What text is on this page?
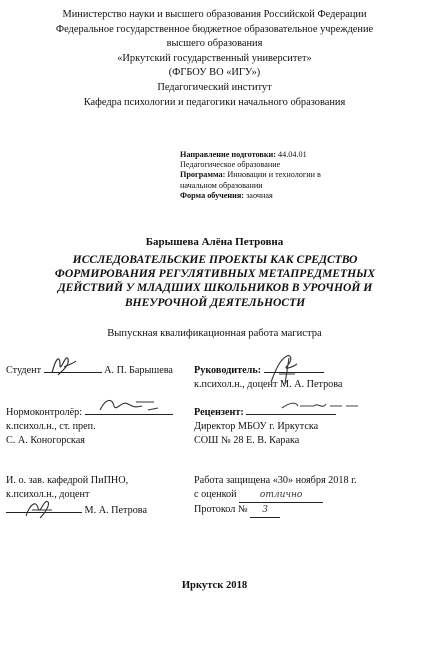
Министерство науки и высшего образования Российской Федерации
Федеральное государственное бюджетное образовательное учреждение
высшего образования
«Иркутский государственный университет»
(ФГБОУ ВО «ИГУ»)
Педагогический институт
Кафедра психологии и педагогики начального образования
Направление подготовки: 44.04.01
Педагогическое образование
Программа: Инновации и технологии в
начальном образовании
Форма обучения: заочная
Барышева Алёна Петровна
ИССЛЕДОВАТЕЛЬСКИЕ ПРОЕКТЫ КАК СРЕДСТВО ФОРМИРОВАНИЯ РЕГУЛЯТИВНЫХ МЕТАПРЕДМЕТНЫХ ДЕЙСТВИЙ У МЛАДШИХ ШКОЛЬНИКОВ В УРОЧНОЙ И ВНЕУРОЧНОЙ ДЕЯТЕЛЬНОСТИ
Выпускная квалификационная работа магистра
Студент	А. П. Барышева Руководитель:
к.психол.н., доцент М. А. Петрова
Нормоконтролёр:
к.психол.н., ст. преп.
С. А. Коногорская
Рецензент:
Директор МБОУ г. Иркутска
СОШ № 28 Е. В. Карака
И. о. зав. кафедрой ПиПНО,
к.психол.н., доцент
М. А. Петрова
Работа защищена «30» ноября 2018 г.
с оценкой	отлично
Протокол № 3
Иркутск 2018
